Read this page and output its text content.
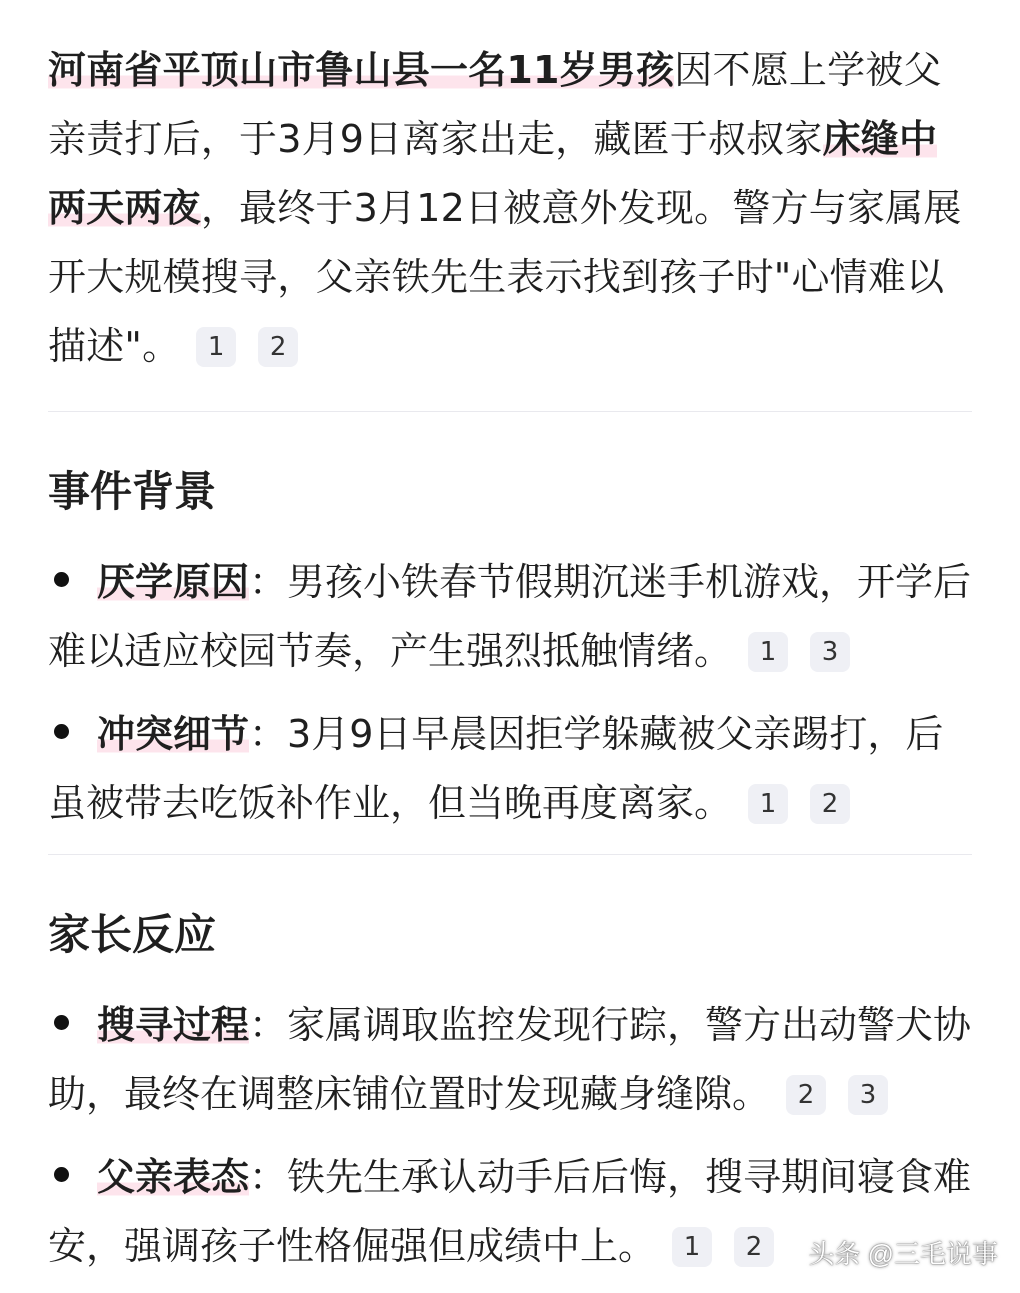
河南省平顶山市鲁山县一名11岁男孩因不愿上学被父亲责打后，于3月9日离家出走，藏匿于叔叔家床缝中两天两夜，最终于3月12日被意外发现。警方与家属展开大规模搜寻，父亲铁先生表示找到孩子时"心情难以描述"。 1 2

事件背景

厌学原因：男孩小铁春节假期沉迷手机游戏，开学后难以适应校园节奏，产生强烈抵触情绪。 1 3

冲突细节：3月9日早晨因拒学躲藏被父亲踢打，后虽被带去吃饭补作业，但当晚再度离家。 1 2

家长反应

搜寻过程：家属调取监控发现行踪，警方出动警犬协助，最终在调整床铺位置时发现藏身缝隙。 2 3

父亲表态：铁先生承认动手后后悔，搜寻期间寝食难安，强调孩子性格倔强但成绩中上。 1 2	头条 @三毛说事
